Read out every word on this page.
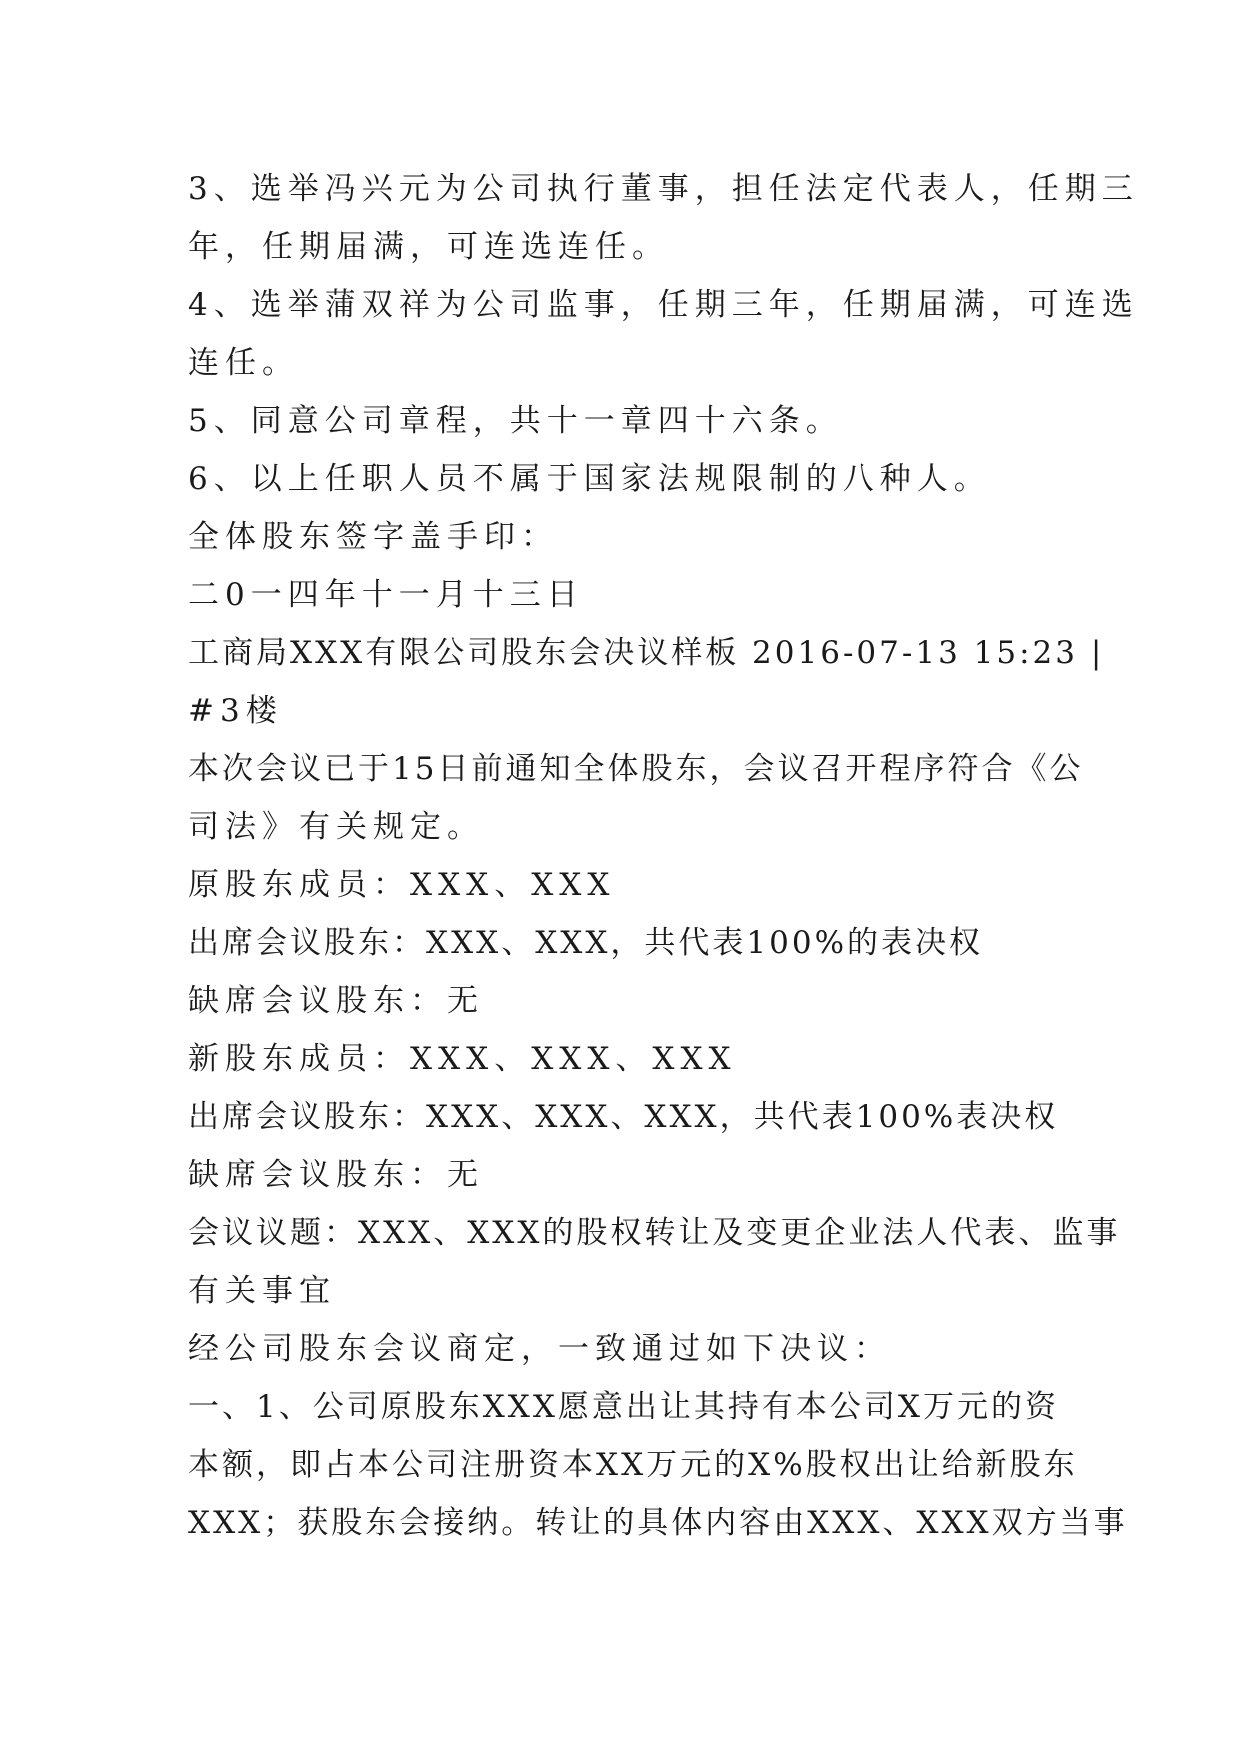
3、选举冯兴元为公司执行董事，担任法定代表人，任期三
年，任期届满，可连选连任。
4、选举蒲双祥为公司监事，任期三年，任期届满，可连选
连任。
5、同意公司章程，共十一章四十六条。
6、以上任职人员不属于国家法规限制的八种人。
全体股东签字盖手印：
二0一四年十一月十三日
工商局XXX有限公司股东会决议样板 2016-07-13 15:23 |
#3楼
本次会议已于15日前通知全体股东，会议召开程序符合《公
司法》有关规定。
原股东成员：XXX、XXX
出席会议股东：XXX、XXX，共代表100%的表决权
缺席会议股东：无
新股东成员：XXX、XXX、XXX
出席会议股东：XXX、XXX、XXX，共代表100%表决权
缺席会议股东：无
会议议题：XXX、XXX的股权转让及变更企业法人代表、监事
有关事宜
经公司股东会议商定，一致通过如下决议：
一、1、公司原股东XXX愿意出让其持有本公司X万元的资
本额，即占本公司注册资本XX万元的X%股权出让给新股东
XXX；获股东会接纳。转让的具体内容由XXX、XXX双方当事
